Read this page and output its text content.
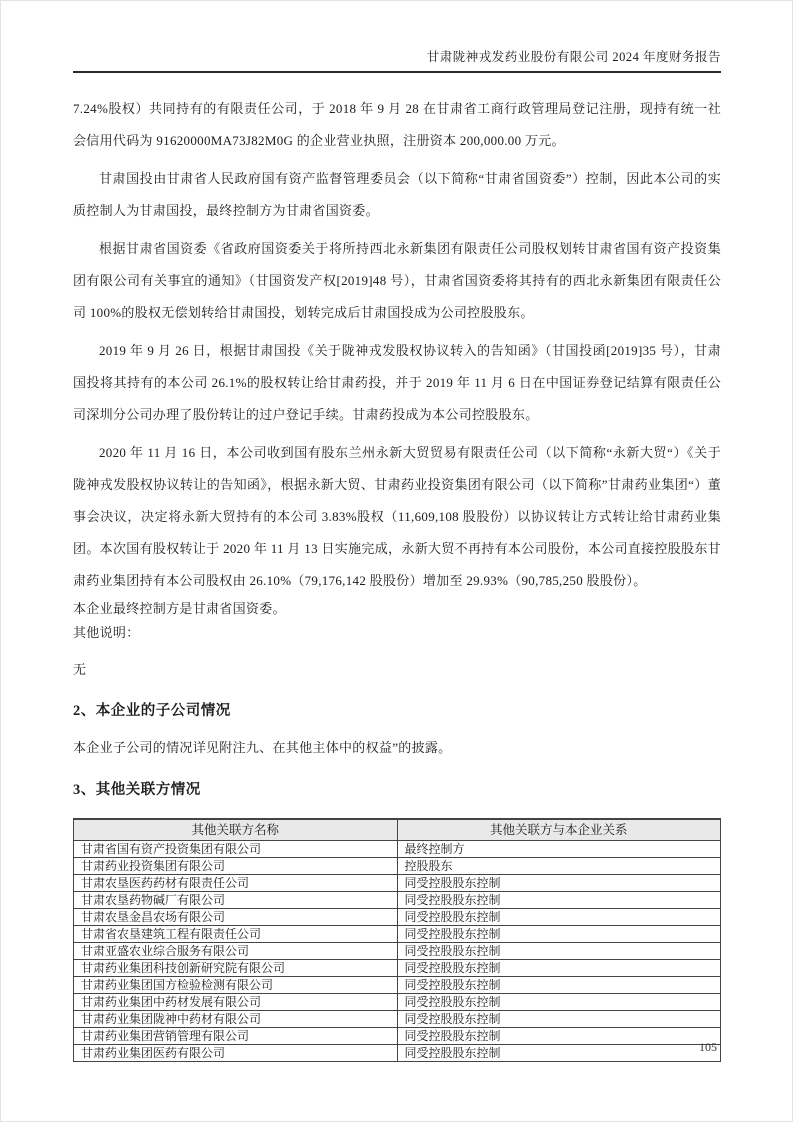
甘肃陇神戎发药业股份有限公司 2024 年度财务报告

7.24%股权）共同持有的有限责任公司，于 2018 年 9 月 28 在甘肃省工商行政管理局登记注册，现持有统一社会信用代码为 91620000MA73J82M0G 的企业营业执照，注册资本 200,000.00 万元。

甘肃国投由甘肃省人民政府国有资产监督管理委员会（以下简称“甘肃省国资委”）控制，因此本公司的实质控制人为甘肃国投，最终控制方为甘肃省国资委。

根据甘肃省国资委《省政府国资委关于将所持西北永新集团有限责任公司股权划转甘肃省国有资产投资集团有限公司有关事宜的通知》（甘国资发产权[2019]48 号），甘肃省国资委将其持有的西北永新集团有限责任公司 100%的股权无偿划转给甘肃国投，划转完成后甘肃国投成为公司控股股东。

2019 年 9 月 26 日，根据甘肃国投《关于陇神戎发股权协议转入的告知函》（甘国投函[2019]35 号），甘肃国投将其持有的本公司 26.1%的股权转让给甘肃药投，并于 2019 年 11 月 6 日在中国证券登记结算有限责任公司深圳分公司办理了股份转让的过户登记手续。甘肃药投成为本公司控股股东。

2020 年 11 月 16 日，本公司收到国有股东兰州永新大贸贸易有限责任公司（以下简称“永新大贸“）《关于陇神戎发股权协议转让的告知函》，根据永新大贸、甘肃药业投资集团有限公司（以下简称”甘肃药业集团“）董事会决议，决定将永新大贸持有的本公司 3.83%股权（11,609,108 股股份）以协议转让方式转让给甘肃药业集团。本次国有股权转让于 2020 年 11 月 13 日实施完成，永新大贸不再持有本公司股份，本公司直接控股股东甘肃药业集团持有本公司股权由 26.10%（79,176,142 股股份）增加至 29.93%（90,785,250 股股份）。

本企业最终控制方是甘肃省国资委。

其他说明：

无

2、本企业的子公司情况

本企业子公司的情况详见附注九、在其他主体中的权益”的披露。

3、其他关联方情况
其他关联方名称	其他关联方与本企业关系
甘肃省国有资产投资集团有限公司	最终控制方
甘肃药业投资集团有限公司	控股股东
甘肃农垦医药药材有限责任公司	同受控股股东控制
甘肃农垦药物碱厂有限公司	同受控股股东控制
甘肃农垦金昌农场有限公司	同受控股股东控制
甘肃省农垦建筑工程有限责任公司	同受控股股东控制
甘肃亚盛农业综合服务有限公司	同受控股股东控制
甘肃药业集团科技创新研究院有限公司	同受控股股东控制
甘肃药业集团国方检验检测有限公司	同受控股股东控制
甘肃药业集团中药材发展有限公司	同受控股股东控制
甘肃药业集团陇神中药材有限公司	同受控股股东控制
甘肃药业集团营销管理有限公司	同受控股股东控制
甘肃药业集团医药有限公司	同受控股股东控制	105
